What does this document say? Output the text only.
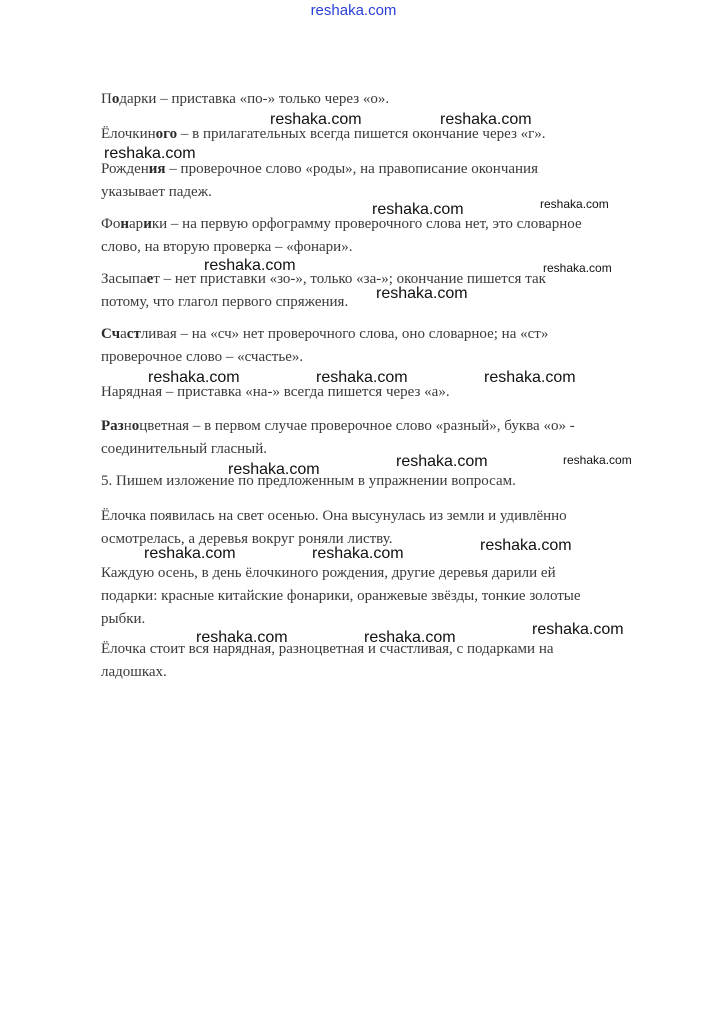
reshaka.com
Подарки – приставка «по-» только через «о».
Ёлочкиного – в прилагательных всегда пишется окончание через «г».
Рождения – проверочное слово «роды», на правописание окончания
указывает падеж.
Фонарики – на первую орфограмму проверочного слова нет, это словарное
слово, на вторую проверка – «фонари».
Засыпает – нет приставки «зо-», только «за-»; окончание пишется так
потому, что глагол первого спряжения.
Счастливая – на «сч» нет проверочного слова, оно словарное; на «ст»
проверочное слово – «счастье».
Нарядная – приставка «на-» всегда пишется через «а».
Разноцветная – в первом случае проверочное слово «разный», буква «о» -
соединительный гласный.
5. Пишем изложение по предложенным в упражнении вопросам.
Ёлочка появилась на свет осенью. Она высунулась из земли и удивлённо
осмотрелась, а деревья вокруг роняли листву.
Каждую осень, в день ёлочкиного рождения, другие деревья дарили ей
подарки: красные китайские фонарики, оранжевые звёзды, тонкие золотые
рыбки.
Ёлочка стоит вся нарядная, разноцветная и счастливая, с подарками на
ладошках.
reshaka.com	reshaka.com
reshaka.com
reshaka.com
reshaka.com
reshaka.com	reshaka.com
reshaka.com
reshaka.com	reshaka.com	reshaka.com
reshaka.com	reshaka.com
reshaka.com
reshaka.com
reshaka.com	reshaka.com
reshaka.com
reshaka.com	reshaka.com
